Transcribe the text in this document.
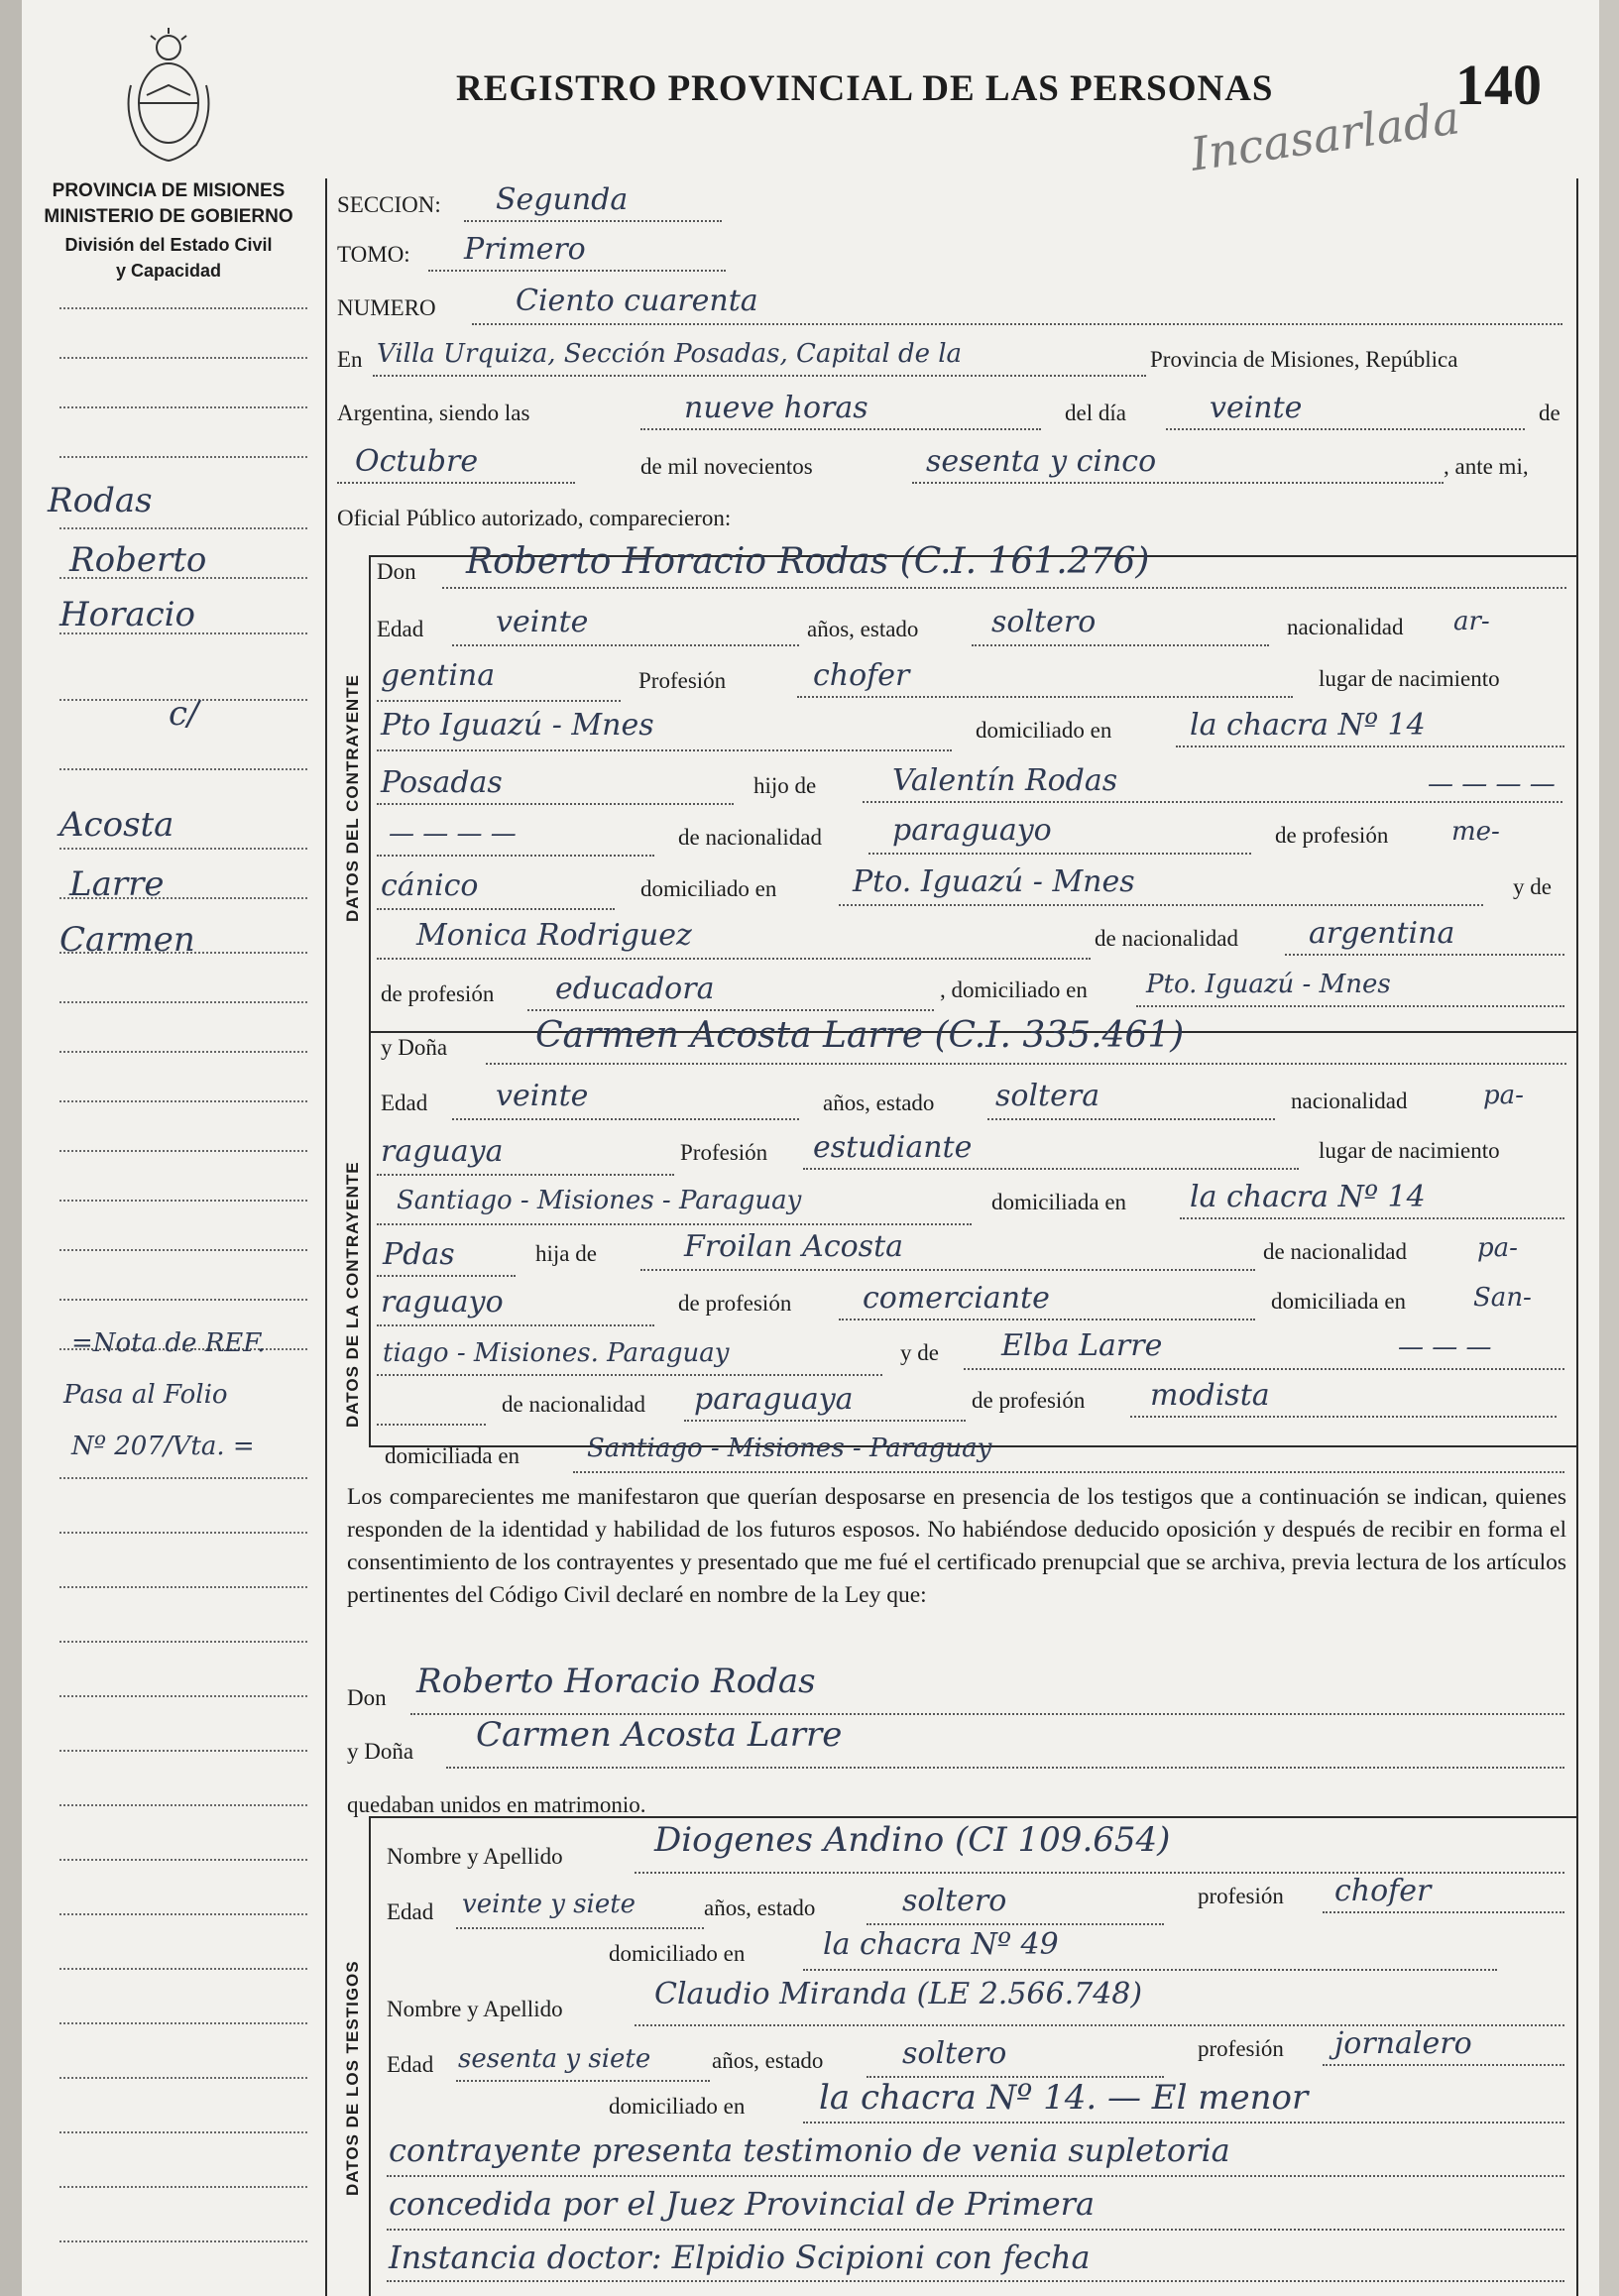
REGISTRO PROVINCIAL DE LAS PERSONAS	140
Incasarlada
PROVINCIA DE MISIONES
MINISTERIO DE GOBIERNO
División del Estado Civil
y Capacidad
DATOS DEL CONTRAYENTE
DATOS DE LA CONTRAYENTE
DATOS DE LOS TESTIGOS
Rodas
Roberto
Horacio
c/
Acosta
Larre
Carmen
=Nota de REF.
Pasa al Folio
Nº 207/Vta. =
SECCION: Segunda
TOMO: Primero
NUMERO	Ciento cuarenta
En Villa Urquiza, Sección Posadas, Capital de la	Provincia de Misiones, República
Argentina, siendo las	nueve horas	del día	veinte	de
Octubre	de mil novecientos	sesenta y cinco	, ante mi,
Oficial Público autorizado, comparecieron:
Don Roberto Horacio Rodas (C.I. 161.276)
Edad veinte	años, estado soltero	nacionalidad ar-
gentina	Profesión	chofer	lugar de nacimiento
Pto Iguazú - Mnes	domiciliado en	la chacra Nº 14
Posadas	hijo de	Valentín Rodas	— — — —
— — — —	de nacionalidad paraguayo	de profesión me-
cánico	domiciliado en	Pto. Iguazú - Mnes	y de
Monica Rodriguez	de nacionalidad argentina
de profesión educadora	, domiciliado en Pto. Iguazú - Mnes
y Doña Carmen Acosta Larre (C.I. 335.461)
Edad veinte	años, estado soltera	nacionalidad	pa-
raguaya	Profesión estudiante	lugar de nacimiento
Santiago - Misiones - Paraguay	domiciliada en la chacra Nº 14
Pdas	hija de	Froilan Acosta	de nacionalidad	pa-
raguayo	de profesión comerciante	domiciliada en	San-
tiago - Misiones. Paraguay	y de Elba Larre	— — —
de nacionalidad paraguaya	de profesión modista
domiciliada en	Santiago - Misiones - Paraguay
Los comparecientes me manifestaron que querían desposarse en presencia de los testigos que a continuación se indican, quienes responden de la identidad y habilidad de los futuros esposos. No habiéndose deducido oposición y después de recibir en forma el consentimiento de los contrayentes y presentado que me fué el certificado prenupcial que se archiva, previa lectura de los artículos pertinentes del Código Civil declaré en nombre de la Ley que:
Don Roberto Horacio Rodas
y Doña Carmen Acosta Larre
quedaban unidos en matrimonio.
Nombre y Apellido	Diogenes Andino (CI 109.654)
Edad veinte y siete	años, estado	soltero	profesión chofer
domiciliado en	la chacra Nº 49
Nombre y Apellido	Claudio Miranda (LE 2.566.748)
Edad sesenta y siete	años, estado	soltero	profesión jornalero
domiciliado en la chacra Nº 14. — El menor
contrayente presenta testimonio de venia supletoria
concedida por el Juez Provincial de Primera
Instancia doctor: Elpidio Scipioni con fecha
